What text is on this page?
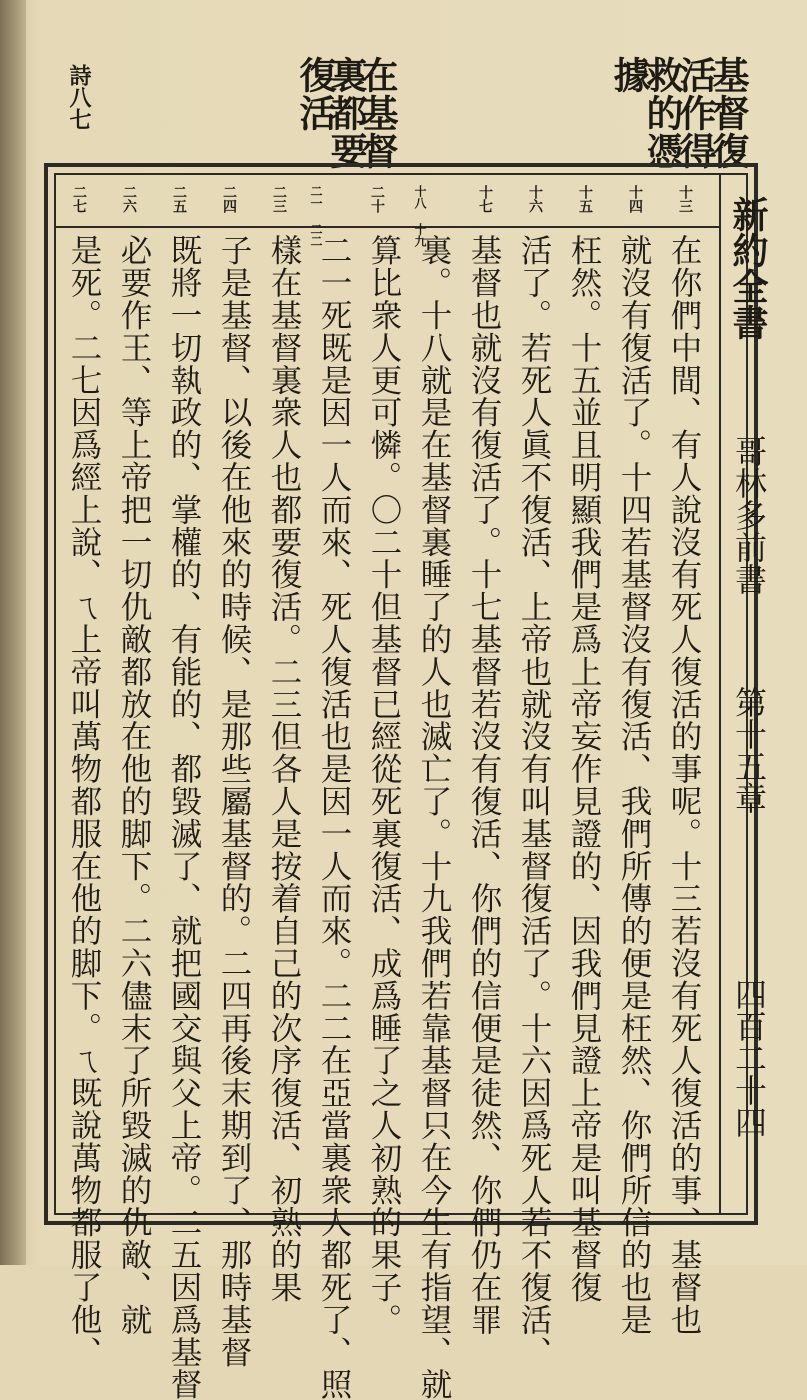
詩八七	在基督
裏都要
復活	基督復
活作得
救的憑
據
十三
十四
十五
十六
十七
十八 十九
二十
二一 二二
二三
二四
二五
二六
二七	新約全書
哥林多前書
第十五章
四百二十四
在你們中間、有人說沒有死人復活的事呢。十三若沒有死人復活的事、基督也
就沒有復活了。十四若基督沒有復活、我們所傳的便是枉然、你們所信的也是
枉然。十五並且明顯我們是爲上帝妄作見證的、因我們見證上帝是叫基督復
活了。若死人眞不復活、上帝也就沒有叫基督復活了。十六因爲死人若不復活、
基督也就沒有復活了。十七基督若沒有復活、你們的信便是徒然、你們仍在罪
裏。十八就是在基督裏睡了的人也滅亡了。十九我們若靠基督只在今生有指望、就
算比衆人更可憐。〇二十但基督已經從死裏復活、成爲睡了之人初熟的果子。
二一死既是因一人而來、死人復活也是因一人而來。二二在亞當裏衆人都死了、照
樣在基督裏衆人也都要復活。二三但各人是按着自己的次序復活、初熟的果
子是基督、以後在他來的時候、是那些屬基督的。二四再後末期到了、那時基督
既將一切執政的、掌權的、有能的、都毀滅了、就把國交與父上帝。二五因爲基督
必要作王、等上帝把一切仇敵都放在他的脚下。二六儘末了所毀滅的仇敵、就
是死。二七因爲經上說、ㄟ上帝叫萬物都服在他的脚下。ㄟ既說萬物都服了他、
